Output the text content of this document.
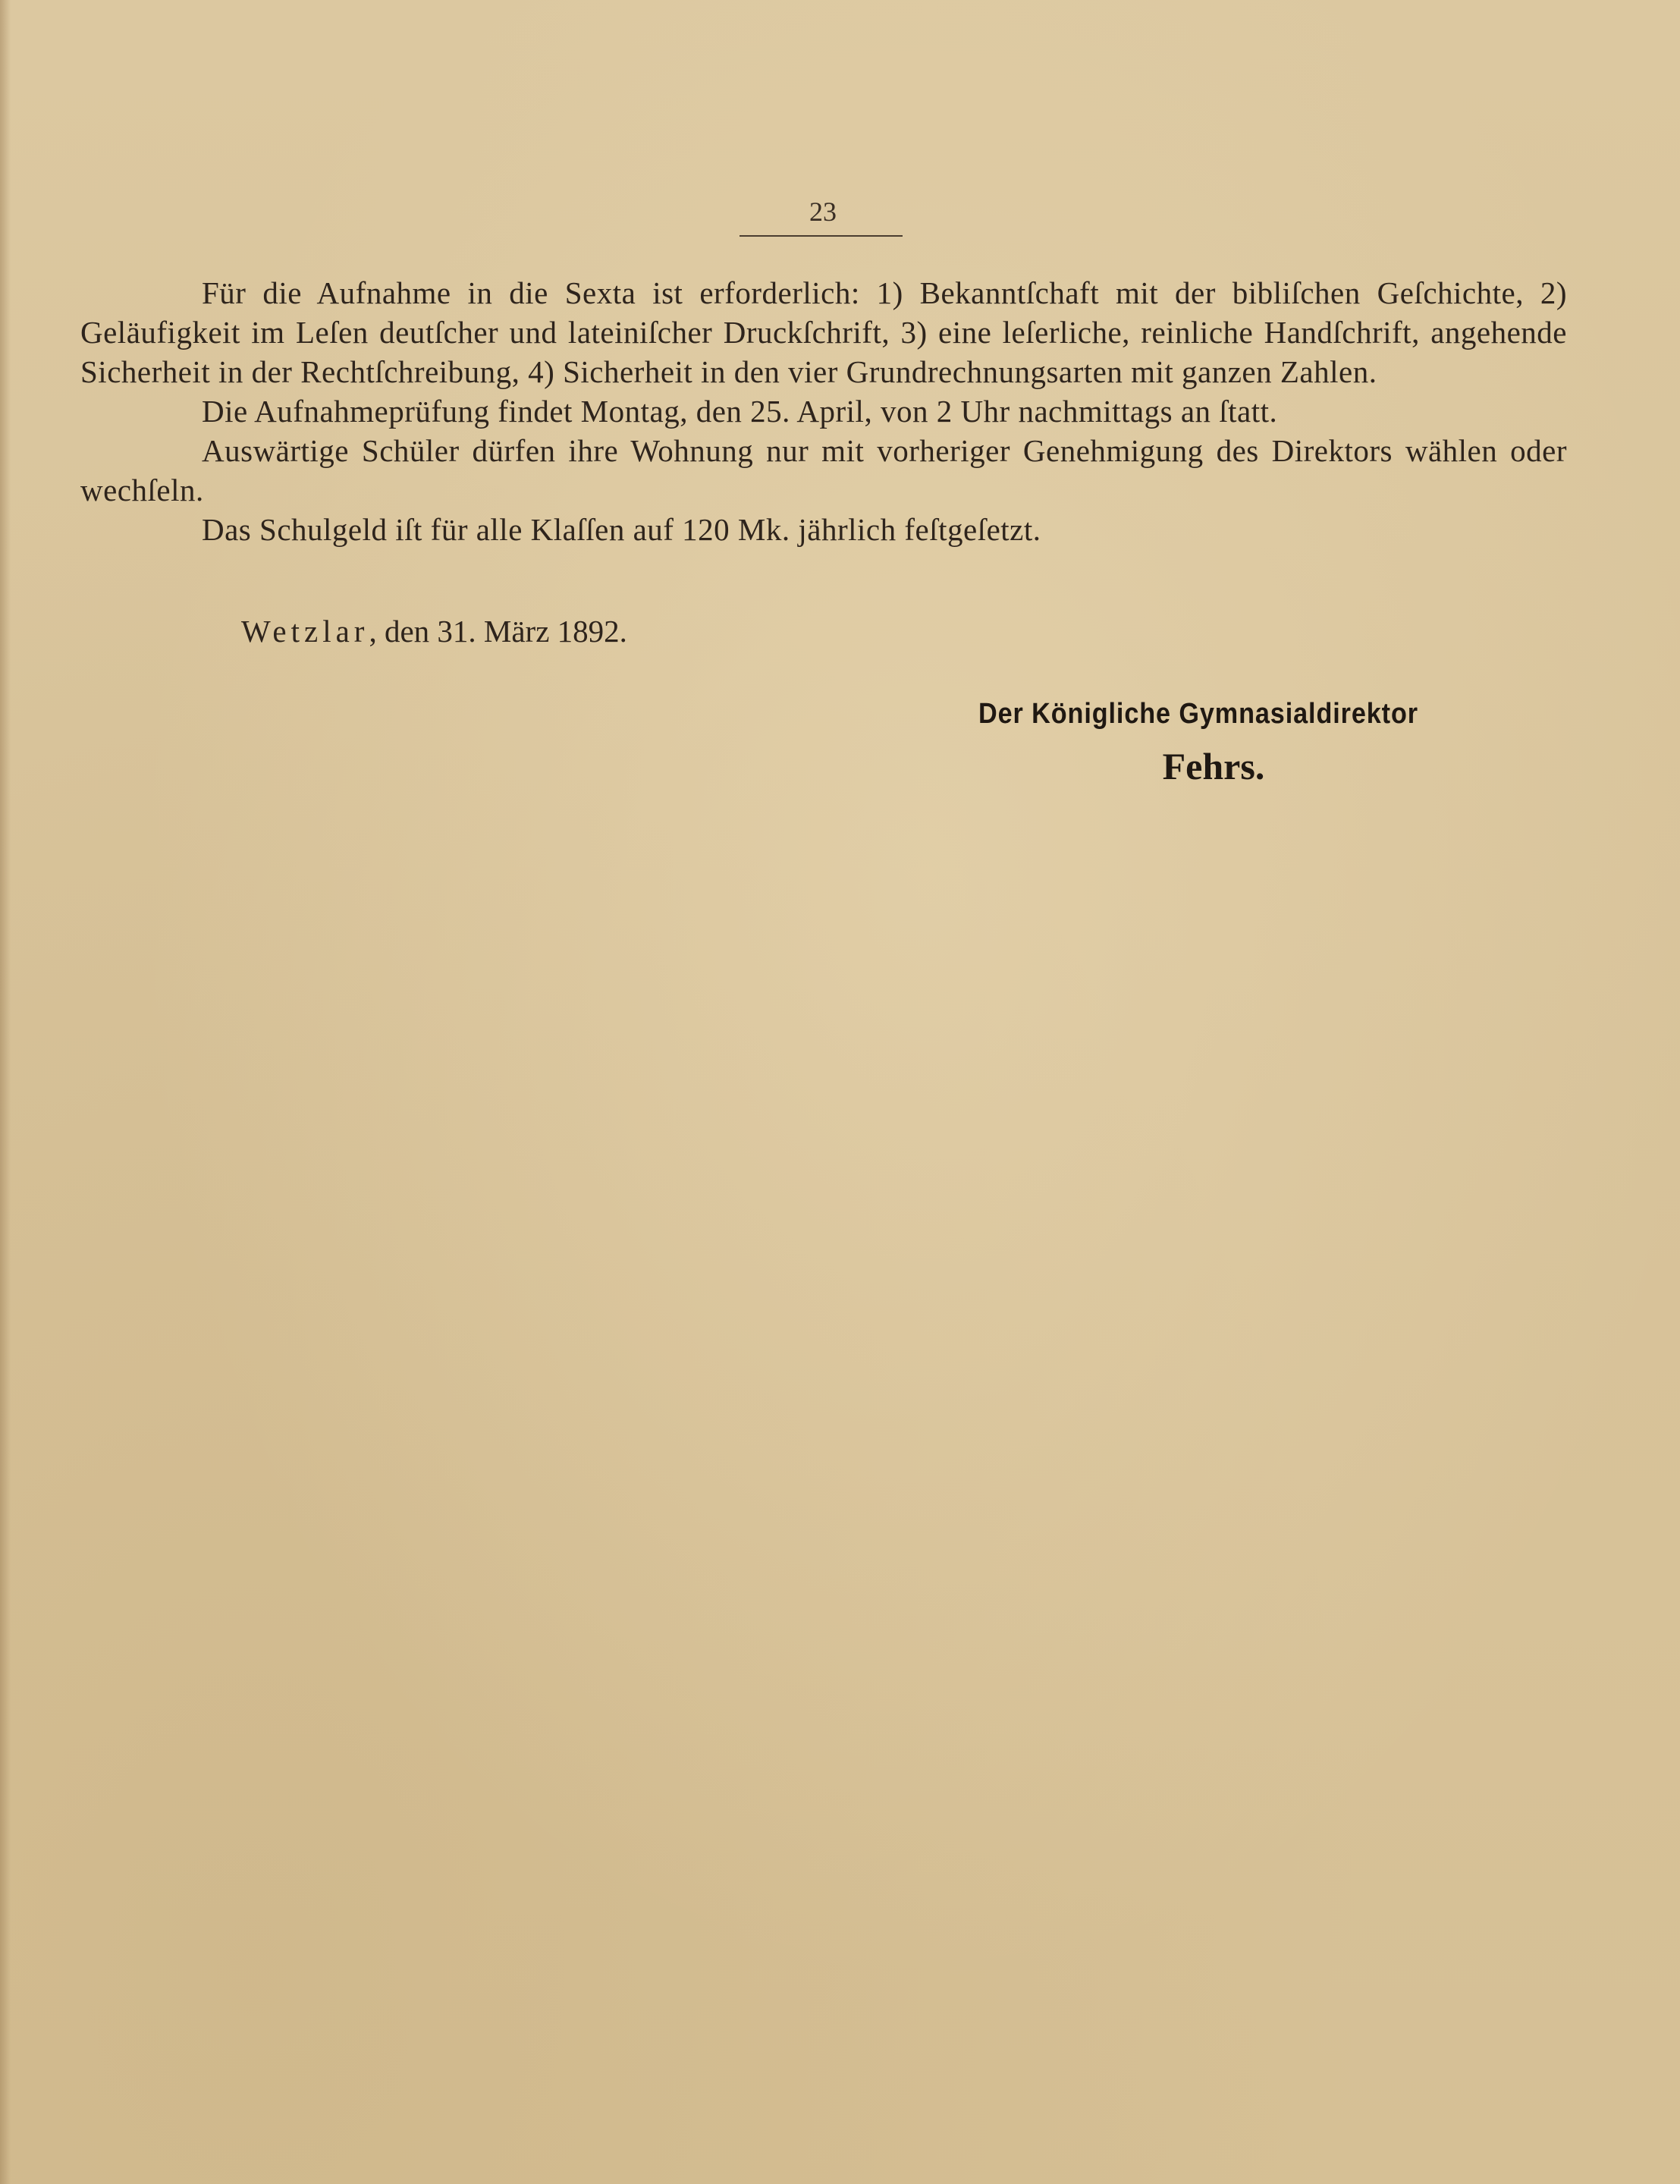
23

Für die Aufnahme in die Sexta ist erforderlich: 1) Bekanntſchaft mit der bibliſchen Geſchichte, 2) Geläufigkeit im Leſen deutſcher und lateiniſcher Druckſchrift, 3) eine leſerliche, reinliche Handſchrift, angehende Sicherheit in der Rechtſchreibung, 4) Sicherheit in den vier Grundrechnungsarten mit ganzen Zahlen.

Die Aufnahmeprüfung findet Montag, den 25. April, von 2 Uhr nachmittags an ſtatt.

Auswärtige Schüler dürfen ihre Wohnung nur mit vorheriger Genehmigung des Direktors wählen oder wechſeln.

Das Schulgeld iſt für alle Klaſſen auf 120 Mk. jährlich feſtgeſetzt.

Wetzlar, den 31. März 1892.
Der Königliche Gymnasialdirektor
Fehrs.
